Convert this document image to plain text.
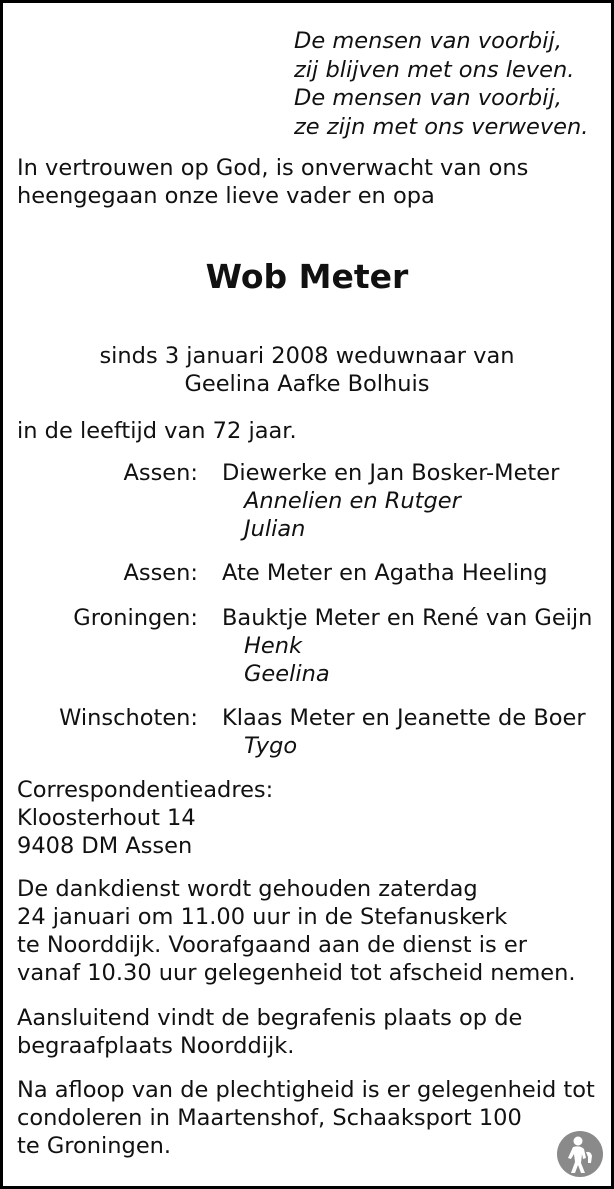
De mensen van voorbij,
zij blijven met ons leven.
De mensen van voorbij,
ze zijn met ons verweven.
In vertrouwen op God, is onverwacht van ons
heengegaan onze lieve vader en opa
Wob Meter
sinds 3 januari 2008 weduwnaar van
Geelina Aafke Bolhuis
in de leeftijd van 72 jaar.
Assen: Diewerke en Jan Bosker-Meter
Annelien en Rutger
Julian
Assen: Ate Meter en Agatha Heeling
Groningen: Bauktje Meter en René van Geijn
Henk
Geelina
Winschoten: Klaas Meter en Jeanette de Boer
Tygo
Correspondentieadres:
Kloosterhout 14
9408 DM Assen
De dankdienst wordt gehouden zaterdag
24 januari om 11.00 uur in de Stefanuskerk
te Noorddijk. Voorafgaand aan de dienst is er
vanaf 10.30 uur gelegenheid tot afscheid nemen.
Aansluitend vindt de begrafenis plaats op de
begraafplaats Noorddijk.
Na afloop van de plechtigheid is er gelegenheid tot
condoleren in Maartenshof, Schaaksport 100
te Groningen.
